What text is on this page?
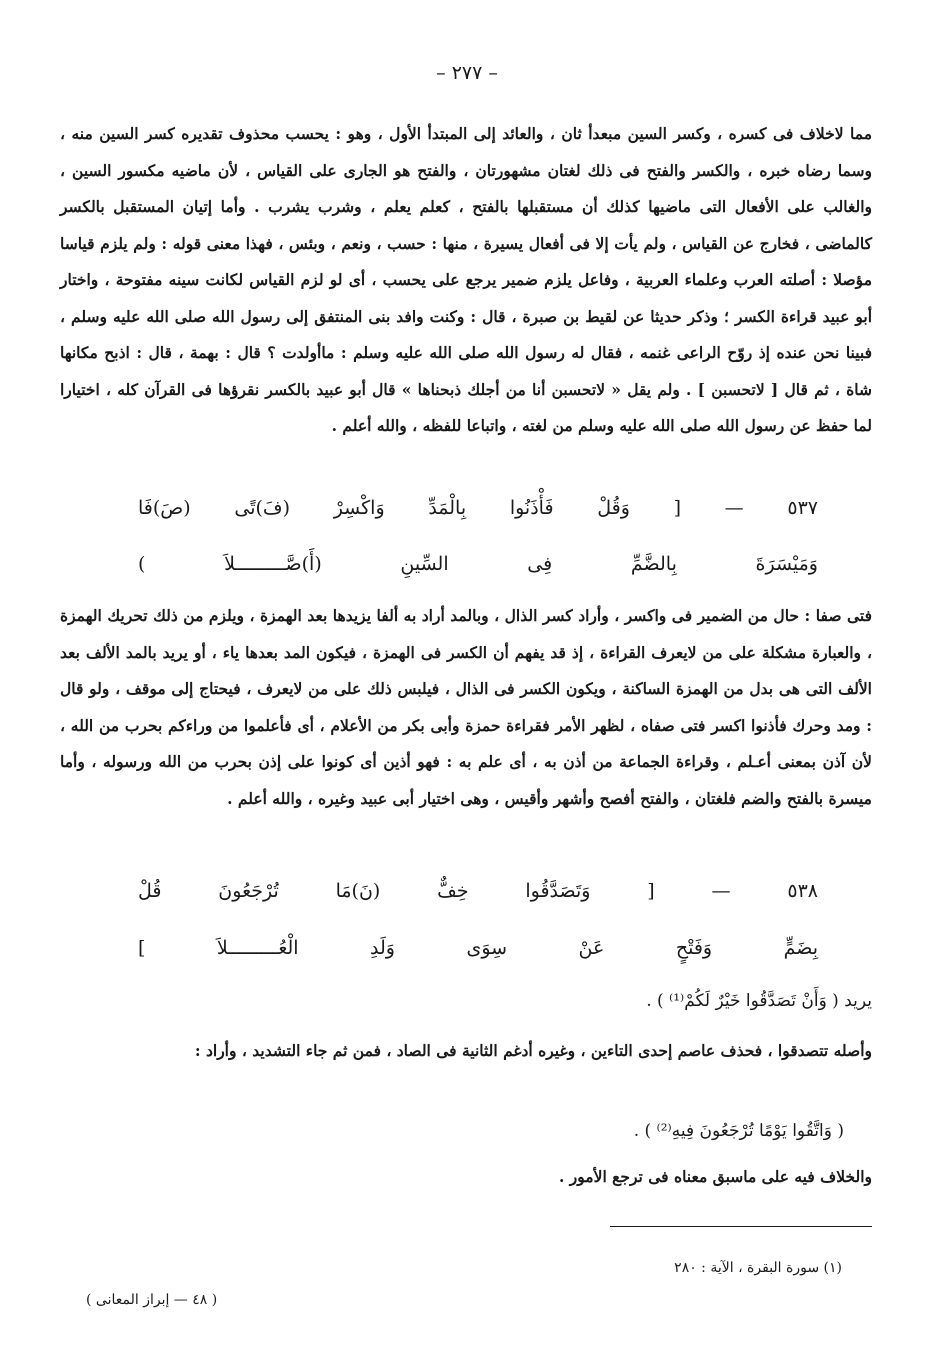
– ٢٧٧ –
مما لاخلاف فى كسره ، وكسر السين مبعدأ ثان ، والعائد إلى المبتدأ الأول ، وهو : يحسب محذوف تقديره كسر السين منه ، وسما رضاه خبره ، والكسر والفتح فى ذلك لغتان مشهورتان ، والفتح هو الجارى على القياس ، لأن ماضيه مكسور السين ، والغالب على الأفعال التى ماضيها كذلك أن مستقبلها بالفتح ، كعلم يعلم ، وشرب يشرب . وأما إتيان المستقبل بالكسر كالماضى ، فخارج عن القياس ، ولم يأت إلا فى أفعال يسيرة ، منها : حسب ، ونعم ، وبئس ، فهذا معنى قوله : ولم يلزم قياسا مؤصلا : أصلته العرب وعلماء العربية ، وفاعل يلزم ضمير يرجع على يحسب ، أى لو لزم القياس لكانت سينه مفتوحة ، واختار أبو عبيد قراءة الكسر ؛ وذكر حديثا عن لقيط بن صبرة ، قال : وكنت وافد بنى المنتفق إلى رسول الله صلى الله عليه وسلم ، فبينا نحن عنده إذ روّح الراعى غنمه ، فقال له رسول الله صلى الله عليه وسلم : ماأولدت ؟ قال : بهمة ، قال : اذبح مكانها شاة ، ثم قال [ لاتحسبن ] . ولم يقل « لاتحسبن أنا من أجلك ذبحناها » قال أبو عبيد بالكسر نقرؤها فى القرآن كله ، اختيارا لما حفظ عن رسول الله صلى الله عليه وسلم من لغته ، واتباعا للفظه ، والله أعلم .
٥٣٧ — [ وَقُلْ فَأْذَنُوا بِالْمَدِّ وَاكْسِرْ (فَ)تًى (صَ)فَا
وَمَيْسَرَةَ بِالضَّمِّ فِى السِّينِ (أَ)صَّـــــــــلاَ )
فتى صفا : حال من الضمير فى واكسر ، وأراد كسر الذال ، وبالمد أراد به ألفا يزيدها بعد الهمزة ، ويلزم من ذلك تحريك الهمزة ، والعبارة مشكلة على من لايعرف القراءة ، إذ قد يفهم أن الكسر فى الهمزة ، فيكون المد بعدها ياء ، أو يريد بالمد الألف بعد الألف التى هى بدل من الهمزة الساكنة ، ويكون الكسر فى الذال ، فيلبس ذلك على من لايعرف ، فيحتاج إلى موقف ، ولو قال : ومد وحرك فأذنوا اكسر فتى صفاه ، لظهر الأمر فقراءة حمزة وأبى بكر من الأعلام ، أى فأعلموا من وراءكم بحرب من الله ، لأن آذن بمعنى أعـلم ، وقراءة الجماعة من أذن به ، أى علم به : فهو أذين أى كونوا على إذن بحرب من الله ورسوله ، وأما ميسرة بالفتح والضم فلغتان ، والفتح أفصح وأشهر وأقيس ، وهى اختيار أبى عبيد وغيره ، والله أعلم .
٥٣٨ — [ وَتَصَدَّقُوا خِفٌّ (نَ)مَا تُرْجَعُونَ قُلْ
بِضَمٍّ وَفَتْحٍ عَنْ سِوَى وَلَدِ الْعُـــــــــلاَ ]
يريد ( وَأَنْ تَصَدَّقُوا خَيْرٌ لَكُمْ⁽¹⁾ ) .
وأصله تتصدقوا ، فحذف عاصم إحدى التاءين ، وغيره أدغم الثانية فى الصاد ، فمن ثم جاء التشديد ، وأراد :
( وَاتَّقُوا يَوْمًا تُرْجَعُونَ فِيهِ⁽²⁾ ) .
والخلاف فيه على ماسبق معناه فى ترجع الأمور .
(١) سورة البقرة ، الآية : ٢٨٠
( ٤٨ — إبراز المعانى )
